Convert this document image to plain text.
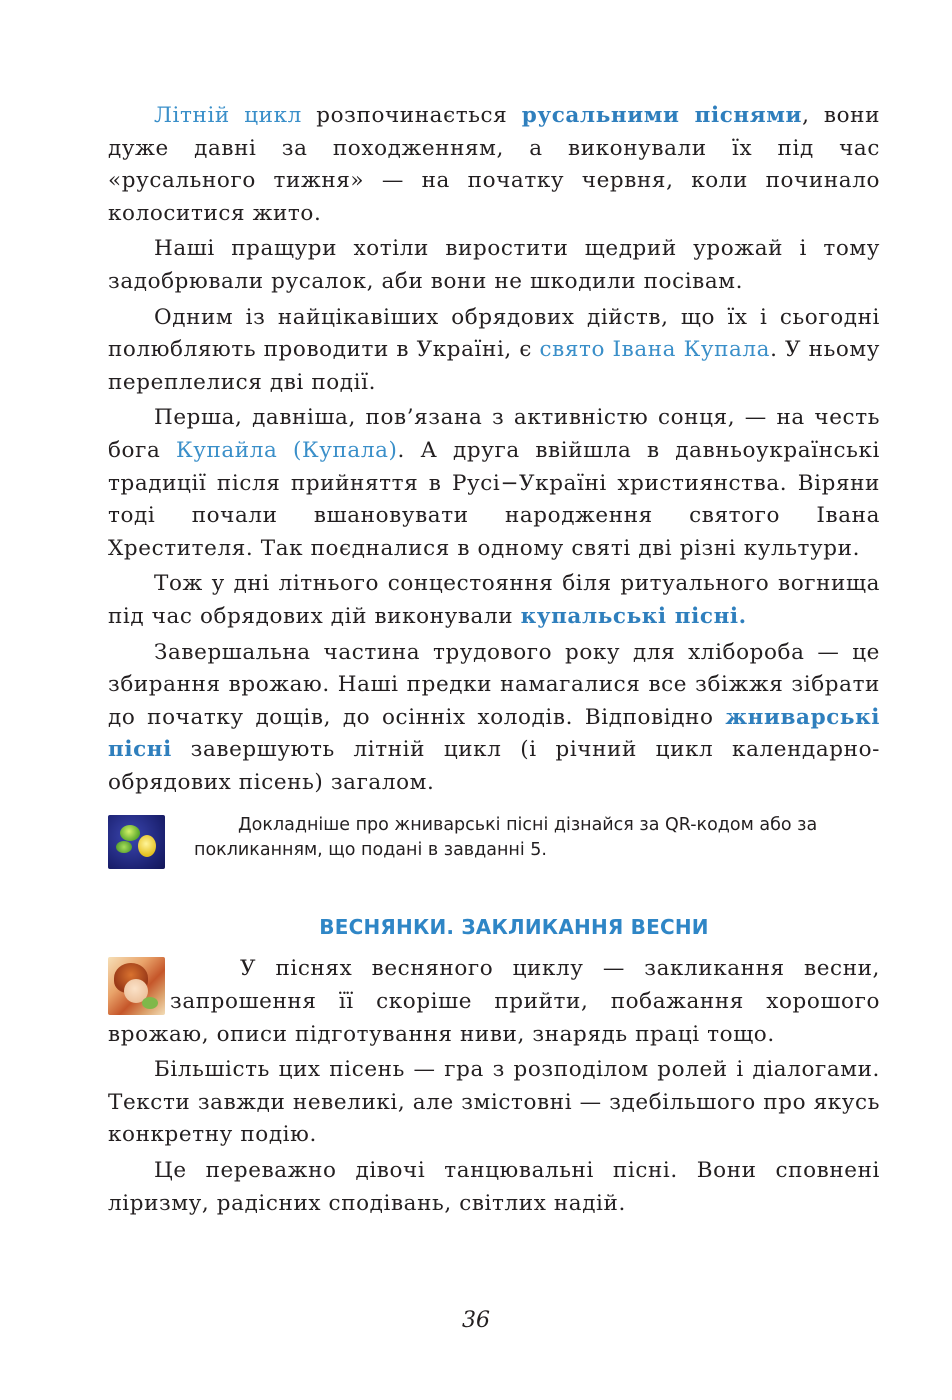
Літній цикл розпочинається русальними піснями, вони дуже давні за походженням, а виконували їх під час «русального тижня» — на початку червня, коли починало колоситися жито.

Наші пращури хотіли виростити щедрий урожай і тому задобрювали русалок, аби вони не шкодили посівам.

Одним із найцікавіших обрядових дійств, що їх і сьогодні полюбляють проводити в Україні, є свято Івана Купала. У ньому переплелися дві події.

Перша, давніша, пов’язана з активністю сонця, — на честь бога Купайла (Купала). А друга ввійшла в давньоукраїнські традиції після прийняття в Русі−Україні християнства. Віряни тоді почали вшановувати народження святого Івана Хрестителя. Так поєдналися в одному святі дві різні культури.

Тож у дні літнього сонцестояння біля ритуального вогнища під час обрядових дій виконували купальські пісні.

Завершальна частина трудового року для хлібороба — це збирання врожаю. Наші предки намагалися все збіжжя зібрати до початку дощів, до осінніх холодів. Відповідно жниварські пісні завершують літній цикл (і річний цикл календарно-обрядових пісень) загалом.

Докладніше про жниварські пісні дізнайся за QR-кодом або за покликанням, що подані в завданні 5.
ВЕСНЯНКИ. ЗАКЛИКАННЯ ВЕСНИ

У піснях весняного циклу — закликання весни, запрошення її скоріше прийти, побажання хорошого врожаю, описи підготування ниви, знарядь праці тощо.

Більшість цих пісень — гра з розподілом ролей і діалогами. Тексти завжди невеликі, але змістовні — здебільшого про якусь конкретну подію.

Це переважно дівочі танцювальні пісні. Вони сповнені ліризму, радісних сподівань, світлих надій.

36
